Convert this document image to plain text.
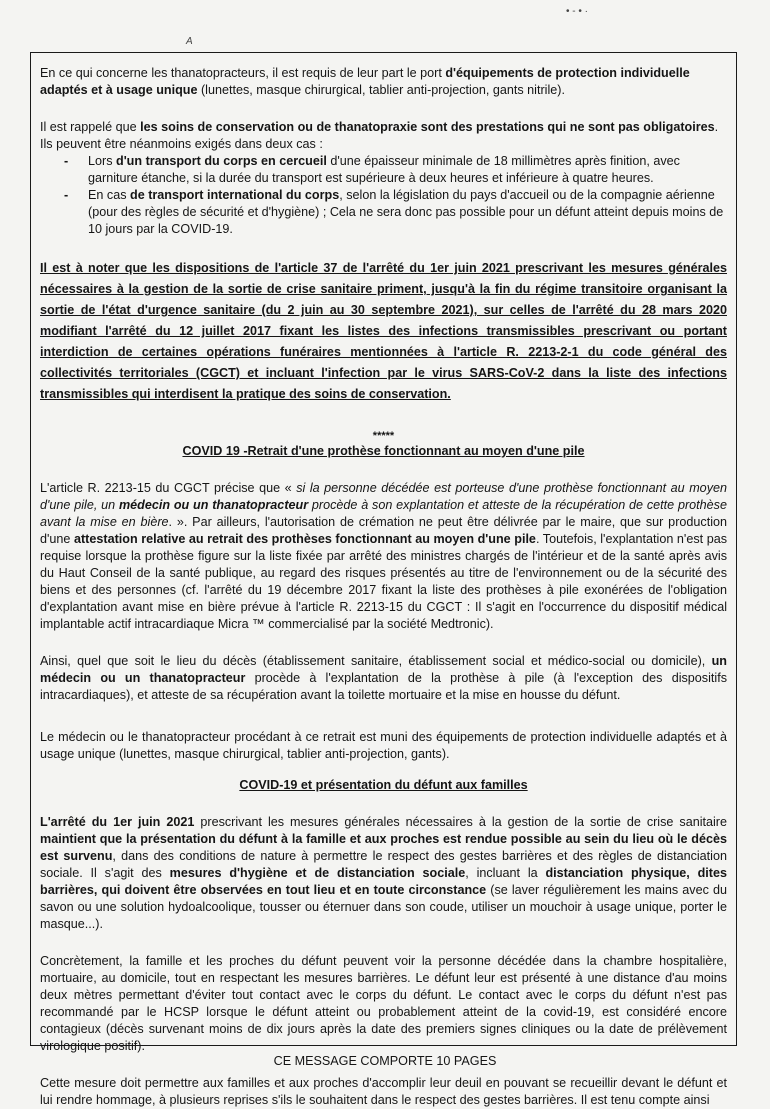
• - • ·
A

En ce qui concerne les thanatopracteurs, il est requis de leur part le port d'équipements de protection individuelle adaptés et à usage unique (lunettes, masque chirurgical, tablier anti-projection, gants nitrile).

Il est rappelé que les soins de conservation ou de thanatopraxie sont des prestations qui ne sont pas obligatoires. Ils peuvent être néanmoins exigés dans deux cas :

- Lors d'un transport du corps en cercueil d'une épaisseur minimale de 18 millimètres après finition, avec garniture étanche, si la durée du transport est supérieure à deux heures et inférieure à quatre heures.
- En cas de transport international du corps, selon la législation du pays d'accueil ou de la compagnie aérienne (pour des règles de sécurité et d'hygiène) ; Cela ne sera donc pas possible pour un défunt atteint depuis moins de 10 jours par la COVID-19.

Il est à noter que les dispositions de l'article 37 de l'arrêté du 1er juin 2021 prescrivant les mesures générales nécessaires à la gestion de la sortie de crise sanitaire priment, jusqu'à la fin du régime transitoire organisant la sortie de l'état d'urgence sanitaire (du 2 juin au 30 septembre 2021), sur celles de l'arrêté du 28 mars 2020 modifiant l'arrêté du 12 juillet 2017 fixant les listes des infections transmissibles prescrivant ou portant interdiction de certaines opérations funéraires mentionnées à l'article R. 2213-2-1 du code général des collectivités territoriales (CGCT) et incluant l'infection par le virus SARS-CoV-2 dans la liste des infections transmissibles qui interdisent la pratique des soins de conservation.

*****

COVID 19 -Retrait d'une prothèse fonctionnant au moyen d'une pile

L'article R. 2213-15 du CGCT précise que « si la personne décédée est porteuse d'une prothèse fonctionnant au moyen d'une pile, un médecin ou un thanatopracteur procède à son explantation et atteste de la récupération de cette prothèse avant la mise en bière. ». Par ailleurs, l'autorisation de crémation ne peut être délivrée par le maire, que sur production d'une attestation relative au retrait des prothèses fonctionnant au moyen d'une pile. Toutefois, l'explantation n'est pas requise lorsque la prothèse figure sur la liste fixée par arrêté des ministres chargés de l'intérieur et de la santé après avis du Haut Conseil de la santé publique, au regard des risques présentés au titre de l'environnement ou de la sécurité des biens et des personnes (cf. l'arrêté du 19 décembre 2017 fixant la liste des prothèses à pile exonérées de l'obligation d'explantation avant mise en bière prévue à l'article R. 2213-15 du CGCT : Il s'agit en l'occurrence du dispositif médical implantable actif intracardiaque Micra ™ commercialisé par la société Medtronic).

Ainsi, quel que soit le lieu du décès (établissement sanitaire, établissement social et médico-social ou domicile), un médecin ou un thanatopracteur procède à l'explantation de la prothèse à pile (à l'exception des dispositifs intracardiaques), et atteste de sa récupération avant la toilette mortuaire et la mise en housse du défunt.

Le médecin ou le thanatopracteur procédant à ce retrait est muni des équipements de protection individuelle adaptés et à usage unique (lunettes, masque chirurgical, tablier anti-projection, gants).

COVID-19 et présentation du défunt aux familles

L'arrêté du 1er juin 2021 prescrivant les mesures générales nécessaires à la gestion de la sortie de crise sanitaire maintient que la présentation du défunt à la famille et aux proches est rendue possible au sein du lieu où le décès est survenu, dans des conditions de nature à permettre le respect des gestes barrières et des règles de distanciation sociale. Il s'agit des mesures d'hygiène et de distanciation sociale, incluant la distanciation physique, dites barrières, qui doivent être observées en tout lieu et en toute circonstance (se laver régulièrement les mains avec du savon ou une solution hydoalcoolique, tousser ou éternuer dans son coude, utiliser un mouchoir à usage unique, porter le masque...).

Concrètement, la famille et les proches du défunt peuvent voir la personne décédée dans la chambre hospitalière, mortuaire, au domicile, tout en respectant les mesures barrières. Le défunt leur est présenté à une distance d'au moins deux mètres permettant d'éviter tout contact avec le corps du défunt. Le contact avec le corps du défunt n'est pas recommandé par le HCSP lorsque le défunt atteint ou probablement atteint de la covid-19, est considéré encore contagieux (décès survenant moins de dix jours après la date des premiers signes cliniques ou la date de prélèvement virologique positif).

Cette mesure doit permettre aux familles et aux proches d'accomplir leur deuil en pouvant se recueillir devant le défunt et lui rendre hommage, à plusieurs reprises s'ils le souhaitent dans le respect des gestes barrières. Il est tenu compte ainsi

CE MESSAGE COMPORTE 10 PAGES
